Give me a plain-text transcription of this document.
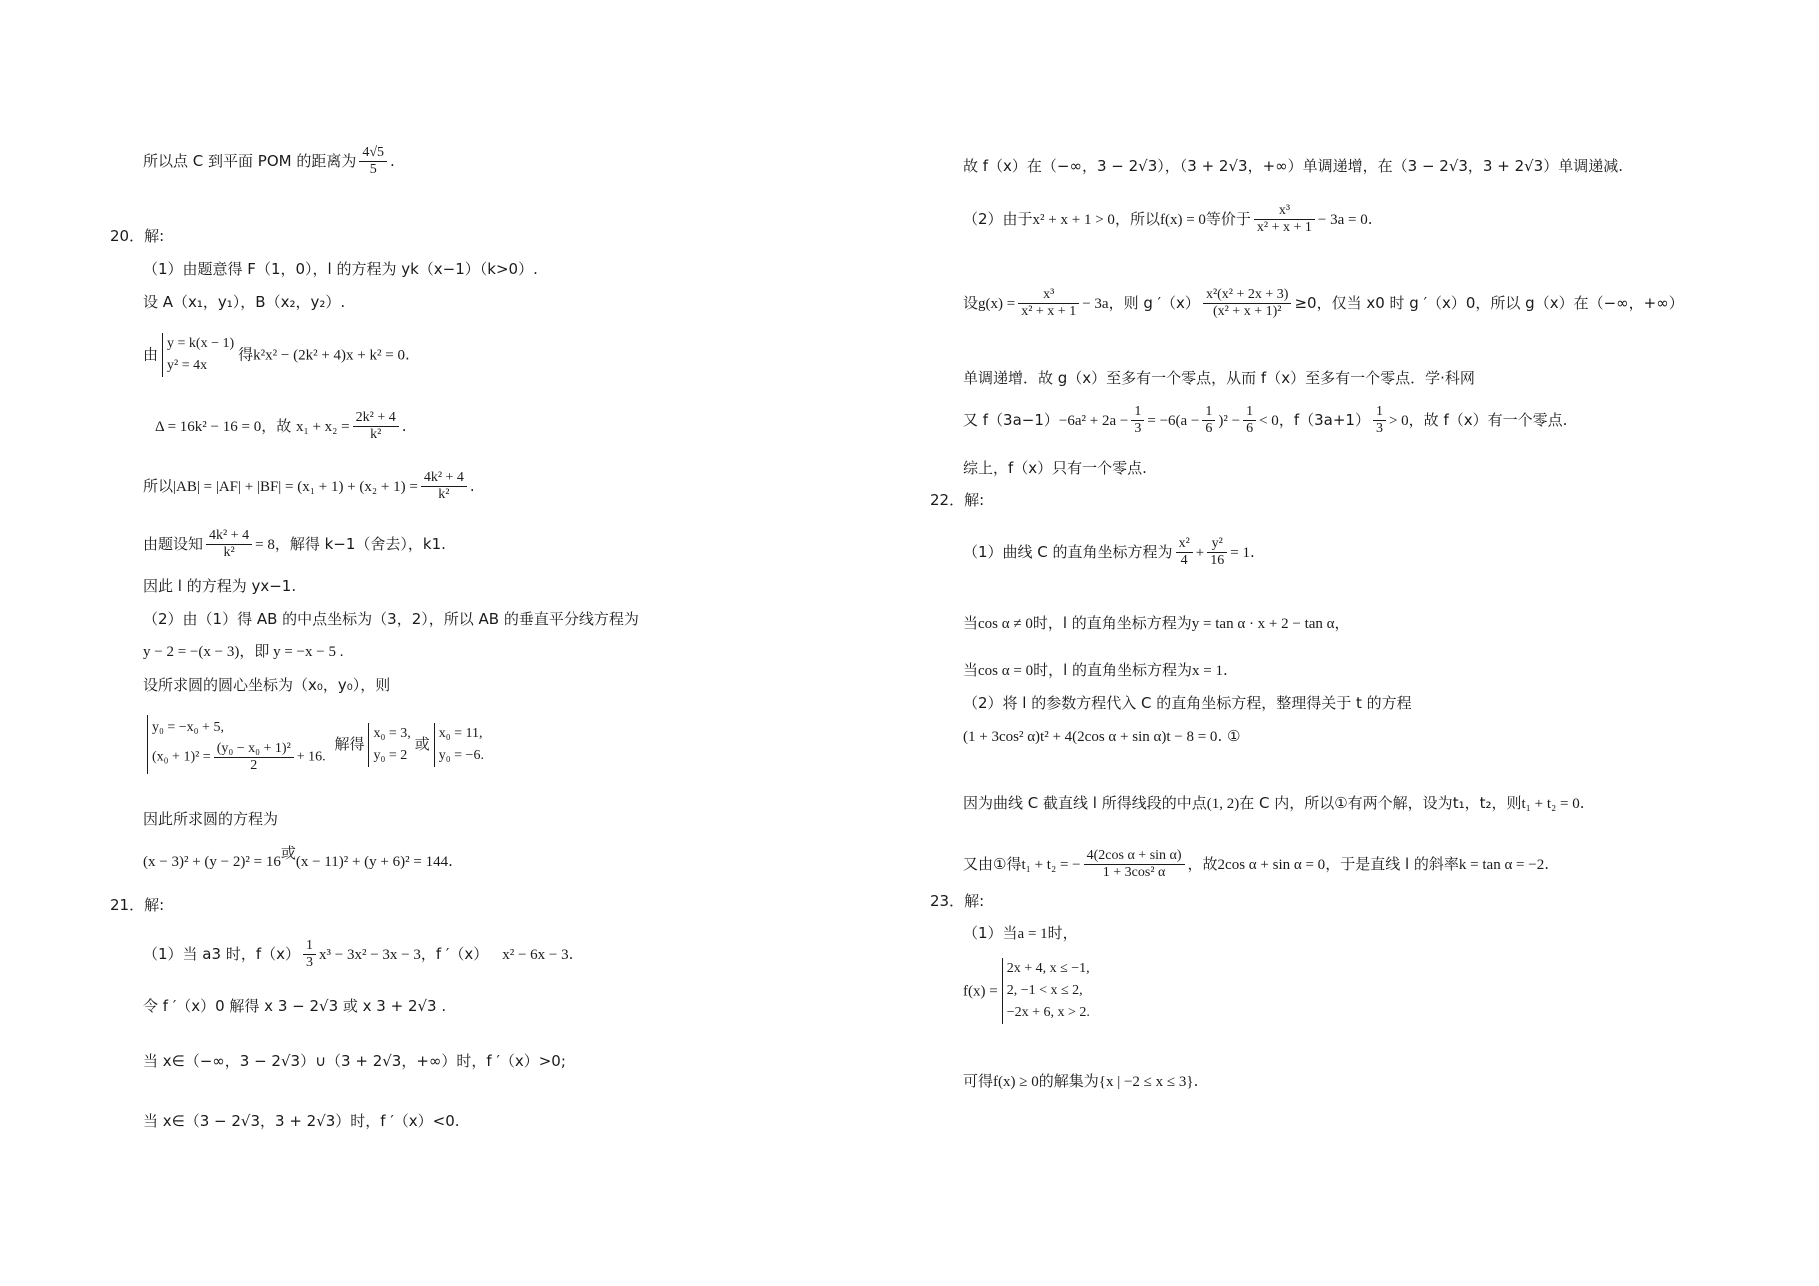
所以点 C 到平面 POM 的距离为 $\frac{4√5}{5}$ .
20．解:
（1）由题意得 F（1，0），l 的方程为 yk（x−1）（k>0）.
设 A（x₁，y₁），B（x₂，y₂）.
由y = k(x − 1)
y² = 4x得k²x² − (2k² + 4)x + k² = 0.
Δ = 16k² − 16 = 0，故 $x_1 + x_2 = \frac{\text{2k² + 4}}{\text{k²}}$ .
所以$|AB| = |AF| + |BF| = (x_1 + 1) + (x_2 + 1) = \frac{\text{4k² + 4}}{\text{k²}}$ .
由题设知 $\frac{\text{4k² + 4}}{\text{k²}} = 8$，解得 k−1（舍去），k1.
因此 l 的方程为 yx−1.
（2）由（1）得 AB 的中点坐标为（3，2），所以 AB 的垂直平分线方程为
y − 2 = −(x − 3)，即 y = −x − 5 .
设所求圆的圆心坐标为（x₀，y₀），则
y₀ = −x₀ + 5,
$(x_0 + 1)^2 = \frac{\text{(y₀ − x₀ + 1)²}}{2} + 16$. 解得x₀ = 3,
y₀ = 2或x₀ = 11,
y₀ = −6.
因此所求圆的方程为
(x − 3)² + (y − 2)² = 16或(x − 11)² + (y + 6)² = 144.
21．解:
（1）当 a3 时，$f(x) \frac{1}{3} x^3 - 3x^2 - 3x - 3$，f ′（x） x² − 6x − 3.
令 f ′（x）0 解得 x 3 − 2√3 或 x 3 + 2√3 .
当 x∈（−∞，3 − 2√3）∪（3 + 2√3，+∞）时，f ′（x）>0;
当 x∈（3 − 2√3，3 + 2√3）时，f ′（x）<0.
故 f（x）在（−∞，3 − 2√3），（3 + 2√3，+∞）单调递增，在（3 − 2√3，3 + 2√3）单调递减.
（2）由于x² + x + 1 > 0，所以f(x) = 0等价于 $\frac{\text{x³}}{\text{x² + x + 1}} - 3a = 0$.
设$g(x) = \frac{\text{x³}}{\text{x² + x + 1}} - 3a$，则 g $'(x) \frac{\text{x²(x² + 2x + 3)}}{\text{(x² + x + 1)²}} \ge 0$，仅当 x0 时 g ′（x）0，所以 g（x）在（−∞，+∞）
单调递增．故 g（x）至多有一个零点，从而 f（x）至多有一个零点．学·科网
又 $f(3a-1)-6a^2 + 2a - \frac{1}{3} = -6(a - \frac{1}{6} )^2 - \frac{1}{6} < 0$，$f(3a+1) \frac{1}{3} > 0$，故 f（x）有一个零点.
综上，f（x）只有一个零点.
22．解:
（1）曲线 C 的直角坐标方程为 $\frac{\text{x²}}{4} + \frac{\text{y²}}{16} = 1$.
当cos α ≠ 0时，l 的直角坐标方程为y = tan α · x + 2 − tan α，
当cos α = 0时，l 的直角坐标方程为x = 1.
（2）将 l 的参数方程代入 C 的直角坐标方程，整理得关于 t 的方程
(1 + 3cos² α)t² + 4(2cos α + sin α)t − 8 = 0. ①
因为曲线 C 截直线 l 所得线段的中点(1, 2)在 C 内，所以①有两个解，设为t₁，t₂，则t₁ + t₂ = 0.
又由①得t₁ + t₂ = − $\frac{\text{4(2cos α + sin α)}}{\text{1 + 3cos² α}}$ ，故2cos α + sin α = 0，于是直线 l 的斜率k = tan α = −2.
23．解:
（1）当a = 1时，
f(x) =2x + 4, x ≤ −1,
2, −1 < x ≤ 2,
−2x + 6, x > 2.
可得f(x) ≥ 0的解集为{x | −2 ≤ x ≤ 3}.
